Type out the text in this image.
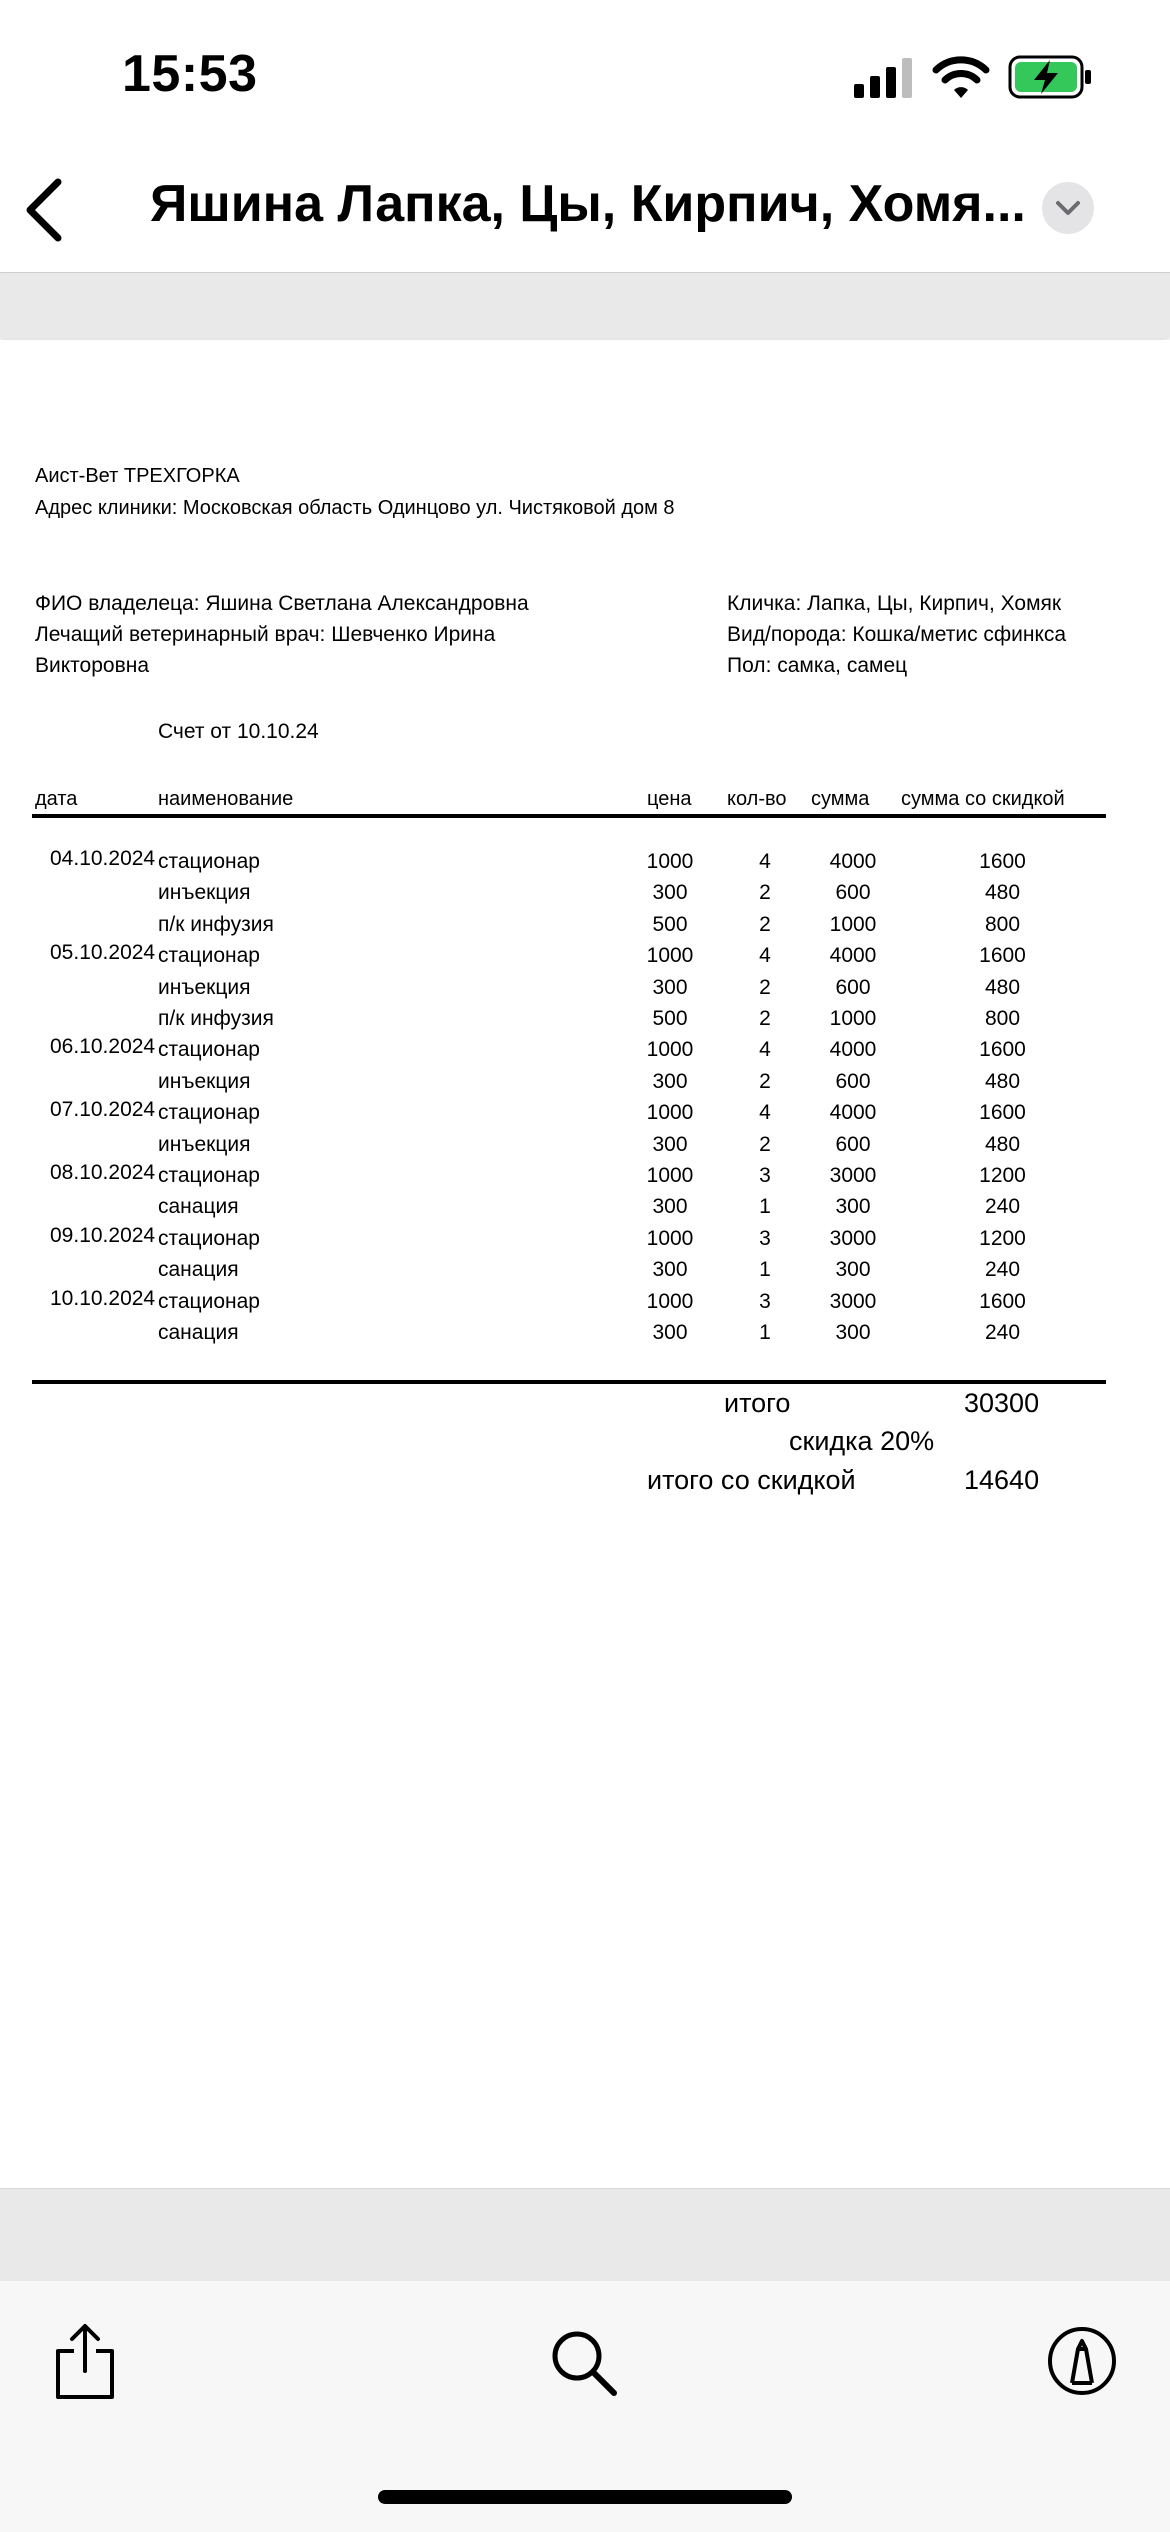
15:53
Яшина Лапка, Цы, Кирпич, Хомя...
Аист-Вет ТРЕХГОРКА
Адрес клиники: Московская область Одинцово ул. Чистяковой дом 8
ФИО владелеца: Яшина Светлана Александровна
Лечащий ветеринарный врач: Шевченко Ирина
Викторовна
Кличка: Лапка, Цы, Кирпич, Хомяк
Вид/порода: Кошка/метис сфинкса
Пол: самка, самец
Счет от 10.10.24
дата	наименование	цена кол-во сумма сумма со скидкой
04.10.2024 стационар	1000	4	4000	1600
инъекция	300	2	600	480
п/к инфузия	500	2	1000	800
05.10.2024 стационар	1000	4	4000	1600
инъекция	300	2	600	480
п/к инфузия	500	2	1000	800
06.10.2024 стационар	1000	4	4000	1600
инъекция	300	2	600	480
07.10.2024 стационар	1000	4	4000	1600
инъекция	300	2	600	480
08.10.2024 стационар	1000	3	3000	1200
санация	300	1	300	240
09.10.2024 стационар	1000	3	3000	1200
санация	300	1	300	240
10.10.2024 стационар	1000	3	3000	1600
санация	300	1	300	240
итого	30300
скидка 20%
итого со скидкой	14640
